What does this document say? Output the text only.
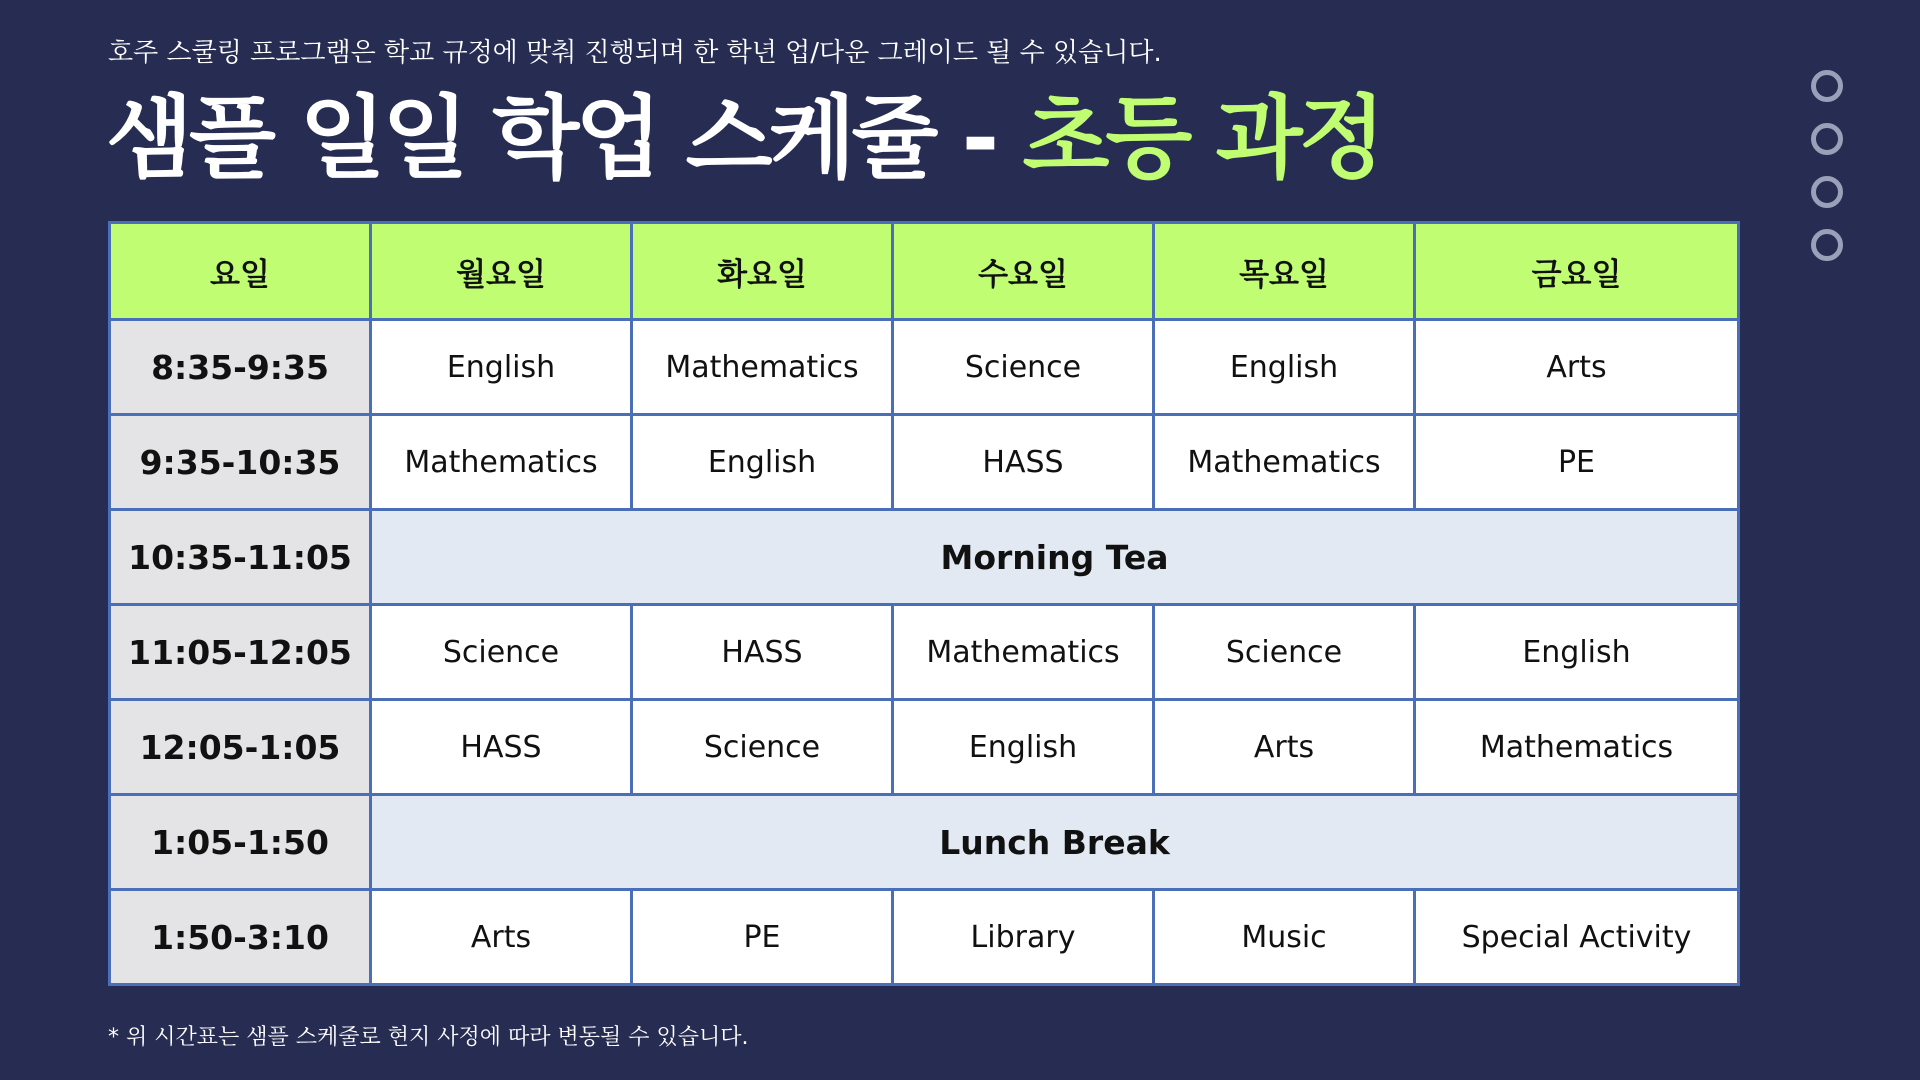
호주 스쿨링 프로그램은 학교 규정에 맞춰 진행되며 한 학년 업/다운 그레이드 될 수 있습니다.
샘플 일일 학업 스케쥴 - 초등 과정
요일	월요일	화요일	수요일	목요일	금요일
8:35-9:35	English	Mathematics	Science	English	Arts
9:35-10:35	Mathematics	English	HASS	Mathematics	PE
10:35-11:05	Morning Tea				
11:05-12:05	Science	HASS	Mathematics	Science	English
12:05-1:05	HASS	Science	English	Arts	Mathematics
1:05-1:50	Lunch Break				
1:50-3:10	Arts	PE	Library	Music	Special Activity
* 위 시간표는 샘플 스케줄로 현지 사정에 따라 변동될 수 있습니다.
